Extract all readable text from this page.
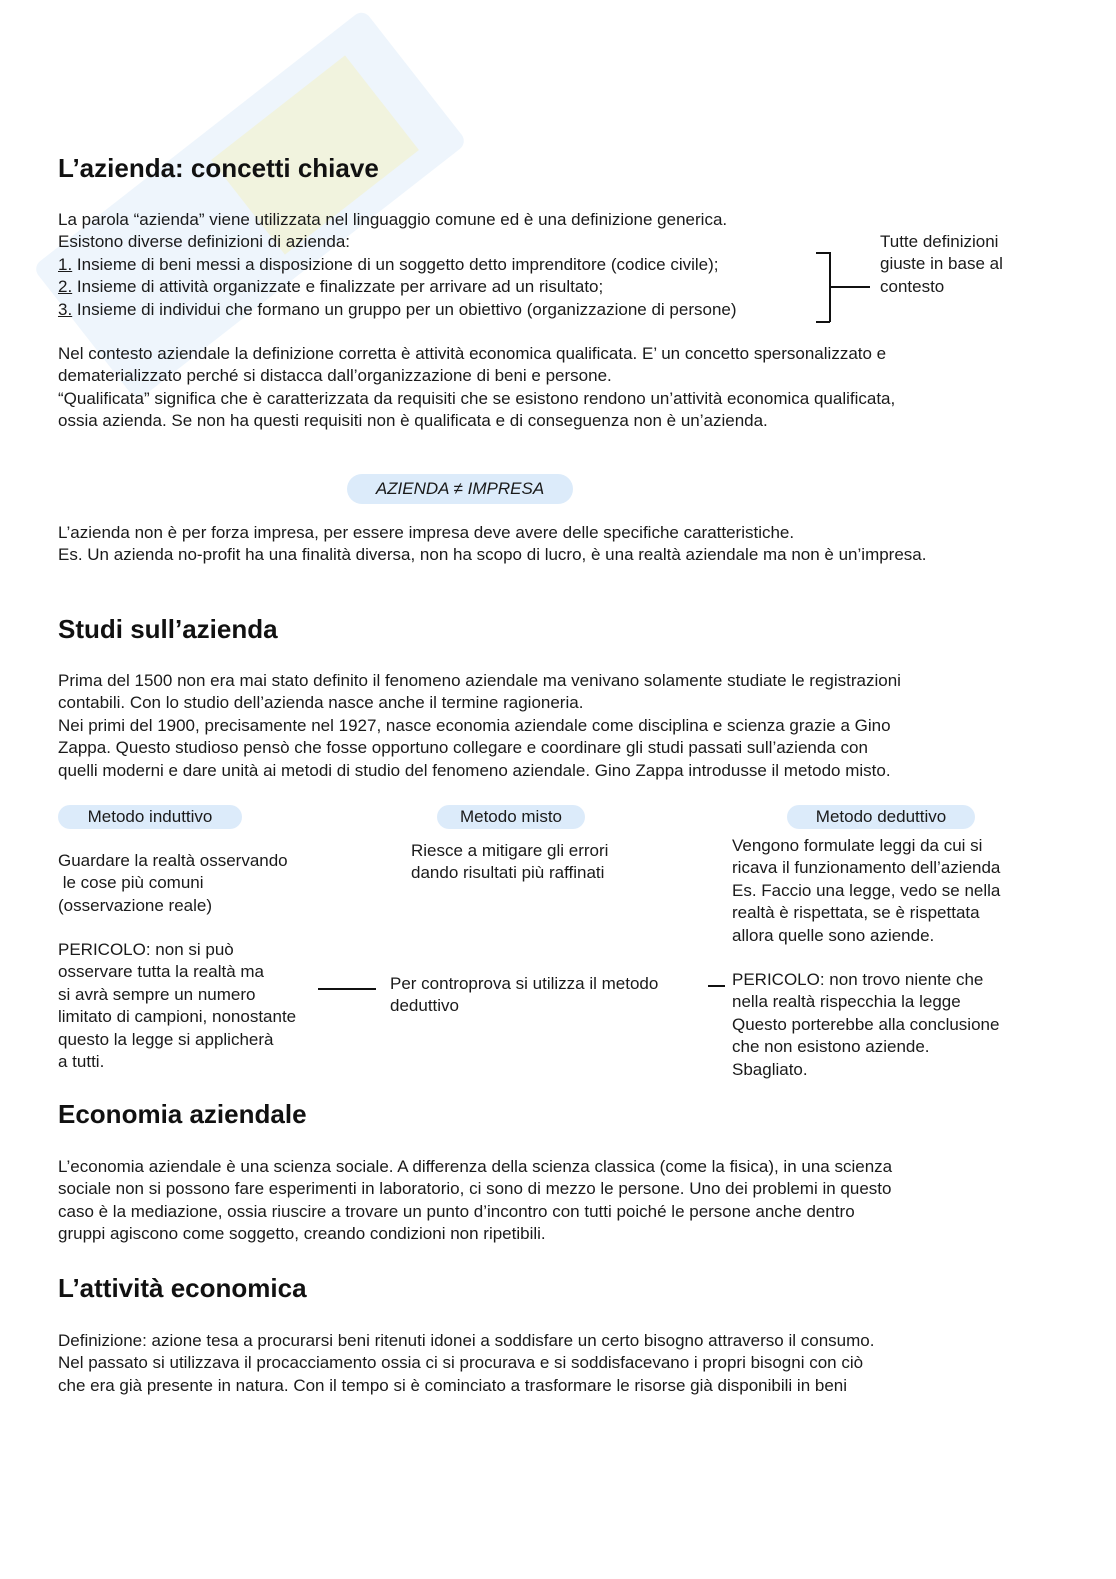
L’azienda: concetti chiave
La parola “azienda” viene utilizzata nel linguaggio comune ed è una definizione generica.
Esistono diverse definizioni di azienda:
1. Insieme di beni messi a disposizione di un soggetto detto imprenditore (codice civile);
2. Insieme di attività organizzate e finalizzate per arrivare ad un risultato;
3. Insieme di individui che formano un gruppo per un obiettivo (organizzazione di persone)
Tutte definizioni
giuste in base al
contesto
Nel contesto aziendale la definizione corretta è attività economica qualificata. E’ un concetto spersonalizzato e
dematerializzato perché si distacca dall’organizzazione di beni e persone.
“Qualificata” significa che è caratterizzata da requisiti che se esistono rendono un’attività economica qualificata,
ossia azienda. Se non ha questi requisiti non è qualificata e di conseguenza non è un’azienda.
AZIENDA ≠ IMPRESA
L’azienda non è per forza impresa, per essere impresa deve avere delle specifiche caratteristiche.
Es. Un azienda no-profit ha una finalità diversa, non ha scopo di lucro, è una realtà aziendale ma non è un’impresa.
Studi sull’azienda
Prima del 1500 non era mai stato definito il fenomeno aziendale ma venivano solamente studiate le registrazioni
contabili. Con lo studio dell’azienda nasce anche il termine ragioneria.
Nei primi del 1900, precisamente nel 1927, nasce economia aziendale come disciplina e scienza grazie a Gino
Zappa. Questo studioso pensò che fosse opportuno collegare e coordinare gli studi passati sull’azienda con
quelli moderni e dare unità ai metodi di studio del fenomeno aziendale. Gino Zappa introdusse il metodo misto.
Metodo induttivo	Metodo misto	Metodo deduttivo
Guardare la realtà osservando
le cose più comuni
(osservazione reale)
PERICOLO: non si può
osservare tutta la realtà ma
si avrà sempre un numero
limitato di campioni, nonostante
questo la legge si applicherà
a tutti.
Riesce a mitigare gli errori
dando risultati più raffinati
Per controprova si utilizza il metodo
deduttivo
Vengono formulate leggi da cui si
ricava il funzionamento dell’azienda
Es. Faccio una legge, vedo se nella
realtà è rispettata, se è rispettata
allora quelle sono aziende.
PERICOLO: non trovo niente che
nella realtà rispecchia la legge
Questo porterebbe alla conclusione
che non esistono aziende.
Sbagliato.
Economia aziendale
L’economia aziendale è una scienza sociale. A differenza della scienza classica (come la fisica), in una scienza
sociale non si possono fare esperimenti in laboratorio, ci sono di mezzo le persone. Uno dei problemi in questo
caso è la mediazione, ossia riuscire a trovare un punto d’incontro con tutti poiché le persone anche dentro
gruppi agiscono come soggetto, creando condizioni non ripetibili.
L’attività economica
Definizione: azione tesa a procurarsi beni ritenuti idonei a soddisfare un certo bisogno attraverso il consumo.
Nel passato si utilizzava il procacciamento ossia ci si procurava e si soddisfacevano i propri bisogni con ciò
che era già presente in natura. Con il tempo si è cominciato a trasformare le risorse già disponibili in beni
